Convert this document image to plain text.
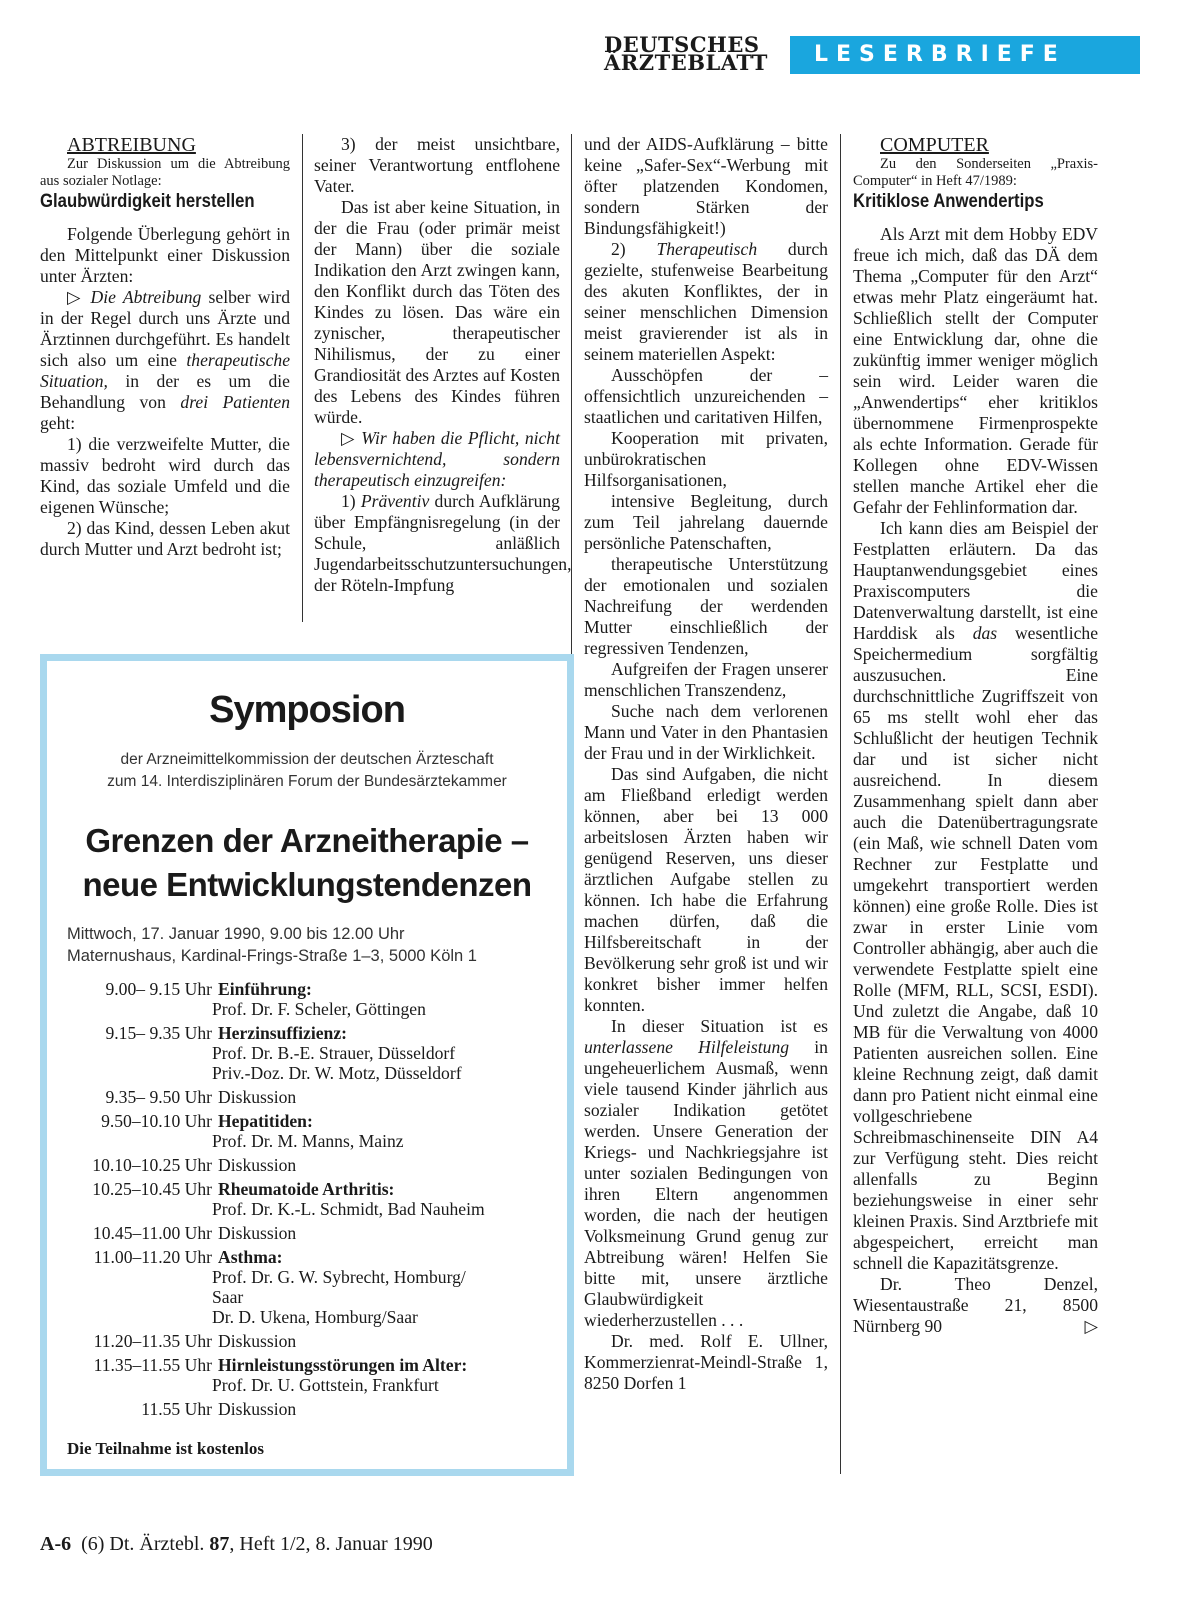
DEUTSCHES
ÄRZTEBLATT	LESERBRIEFE

ABTREIBUNG

Zur Diskussion um die Abtreibung aus sozialer Notlage:

Glaubwürdigkeit herstellen

Folgende Überlegung gehört in den Mittelpunkt einer Diskussion unter Ärzten:

▷ Die Abtreibung selber wird in der Regel durch uns Ärzte und Ärztinnen durchgeführt. Es handelt sich also um eine therapeutische Situation, in der es um die Behandlung von drei Patienten geht:

1) die verzweifelte Mutter, die massiv bedroht wird durch das Kind, das soziale Umfeld und die eigenen Wünsche;

2) das Kind, dessen Leben akut durch Mutter und Arzt bedroht ist;

3) der meist unsichtbare, seiner Verantwortung entflohene Vater.

Das ist aber keine Situation, in der die Frau (oder primär meist der Mann) über die soziale Indikation den Arzt zwingen kann, den Konflikt durch das Töten des Kindes zu lösen. Das wäre ein zynischer, therapeutischer Nihilismus, der zu einer Grandiosität des Arztes auf Kosten des Lebens des Kindes führen würde.

▷ Wir haben die Pflicht, nicht lebensvernichtend, sondern therapeutisch einzugreifen:

1) Präventiv durch Aufklärung über Empfängnisregelung (in der Schule, anläßlich Jugendarbeitsschutzuntersuchungen, der Röteln-Impfung

und der AIDS-Aufklärung – bitte keine „Safer-Sex“-Werbung mit öfter platzenden Kondomen, sondern Stärken der Bindungsfähigkeit!)

2) Therapeutisch durch gezielte, stufenweise Bearbeitung des akuten Konfliktes, der in seiner menschlichen Dimension meist gravierender ist als in seinem materiellen Aspekt:

Ausschöpfen der – offensichtlich unzureichenden – staatlichen und caritativen Hilfen,

Kooperation mit privaten, unbürokratischen Hilfsorganisationen,

intensive Begleitung, durch zum Teil jahrelang dauernde persönliche Patenschaften,

therapeutische Unterstützung der emotionalen und sozialen Nachreifung der werdenden Mutter einschließlich der regressiven Tendenzen,

Aufgreifen der Fragen unserer menschlichen Transzendenz,

Suche nach dem verlorenen Mann und Vater in den Phantasien der Frau und in der Wirklichkeit.

Das sind Aufgaben, die nicht am Fließband erledigt werden können, aber bei 13 000 arbeitslosen Ärzten haben wir genügend Reserven, uns dieser ärztlichen Aufgabe stellen zu können. Ich habe die Erfahrung machen dürfen, daß die Hilfsbereitschaft in der Bevölkerung sehr groß ist und wir konkret bisher immer helfen konnten.

In dieser Situation ist es unterlassene Hilfeleistung in ungeheuerlichem Ausmaß, wenn viele tausend Kinder jährlich aus sozialer Indikation getötet werden. Unsere Generation der Kriegs- und Nachkriegsjahre ist unter sozialen Bedingungen von ihren Eltern angenommen worden, die nach der heutigen Volksmeinung Grund genug zur Abtreibung wären! Helfen Sie bitte mit, unsere ärztliche Glaubwürdigkeit wiederherzustellen . . .

Dr. med. Rolf E. Ullner, Kommerzienrat-Meindl-Straße 1, 8250 Dorfen 1

COMPUTER

Zu den Sonderseiten „Praxis-Computer“ in Heft 47/1989:

Kritiklose Anwendertips

Als Arzt mit dem Hobby EDV freue ich mich, daß das DÄ dem Thema „Computer für den Arzt“ etwas mehr Platz eingeräumt hat. Schließlich stellt der Computer eine Entwicklung dar, ohne die zukünftig immer weniger möglich sein wird. Leider waren die „Anwendertips“ eher kritiklos übernommene Firmenprospekte als echte Information. Gerade für Kollegen ohne EDV-Wissen stellen manche Artikel eher die Gefahr der Fehlinformation dar.

Ich kann dies am Beispiel der Festplatten erläutern. Da das Hauptanwendungsgebiet eines Praxiscomputers die Datenverwaltung darstellt, ist eine Harddisk als das wesentliche Speichermedium sorgfältig auszusuchen. Eine durchschnittliche Zugriffszeit von 65 ms stellt wohl eher das Schlußlicht der heutigen Technik dar und ist sicher nicht ausreichend. In diesem Zusammenhang spielt dann aber auch die Datenübertragungsrate (ein Maß, wie schnell Daten vom Rechner zur Festplatte und umgekehrt transportiert werden können) eine große Rolle. Dies ist zwar in erster Linie vom Controller abhängig, aber auch die verwendete Festplatte spielt eine Rolle (MFM, RLL, SCSI, ESDI). Und zuletzt die Angabe, daß 10 MB für die Verwaltung von 4000 Patienten ausreichen sollen. Eine kleine Rechnung zeigt, daß damit dann pro Patient nicht einmal eine vollgeschriebene Schreibmaschinenseite DIN A4 zur Verfügung steht. Dies reicht allenfalls zu Beginn beziehungsweise in einer sehr kleinen Praxis. Sind Arztbriefe mit abgespeichert, erreicht man schnell die Kapazitätsgrenze.

Dr. Theo Denzel, Wiesentaustraße 21, 8500 Nürnberg 90	▷

Symposion
der Arzneimittelkommission der deutschen Ärzteschaft
zum 14. Interdisziplinären Forum der Bundesärztekammer
Grenzen der Arzneitherapie –
neue Entwicklungstendenzen
Mittwoch, 17. Januar 1990, 9.00 bis 12.00 Uhr
Maternushaus, Kardinal-Frings-Straße 1–3, 5000 Köln 1
9.00– 9.15 Uhr Einführung:
Prof. Dr. F. Scheler, Göttingen
9.15– 9.35 Uhr Herzinsuffizienz:
Prof. Dr. B.-E. Strauer, Düsseldorf
Priv.-Doz. Dr. W. Motz, Düsseldorf
9.35– 9.50 Uhr Diskussion
9.50–10.10 Uhr Hepatitiden:
Prof. Dr. M. Manns, Mainz
10.10–10.25 Uhr Diskussion
10.25–10.45 Uhr Rheumatoide Arthritis:
Prof. Dr. K.-L. Schmidt, Bad Nauheim
10.45–11.00 Uhr Diskussion
11.00–11.20 Uhr Asthma:
Prof. Dr. G. W. Sybrecht, Homburg/
Saar
Dr. D. Ukena, Homburg/Saar
11.20–11.35 Uhr Diskussion
11.35–11.55 Uhr Hirnleistungsstörungen im Alter:
Prof. Dr. U. Gottstein, Frankfurt
11.55 Uhr Diskussion
Die Teilnahme ist kostenlos
A-6 (6) Dt. Ärztebl. 87, Heft 1/2, 8. Januar 1990
